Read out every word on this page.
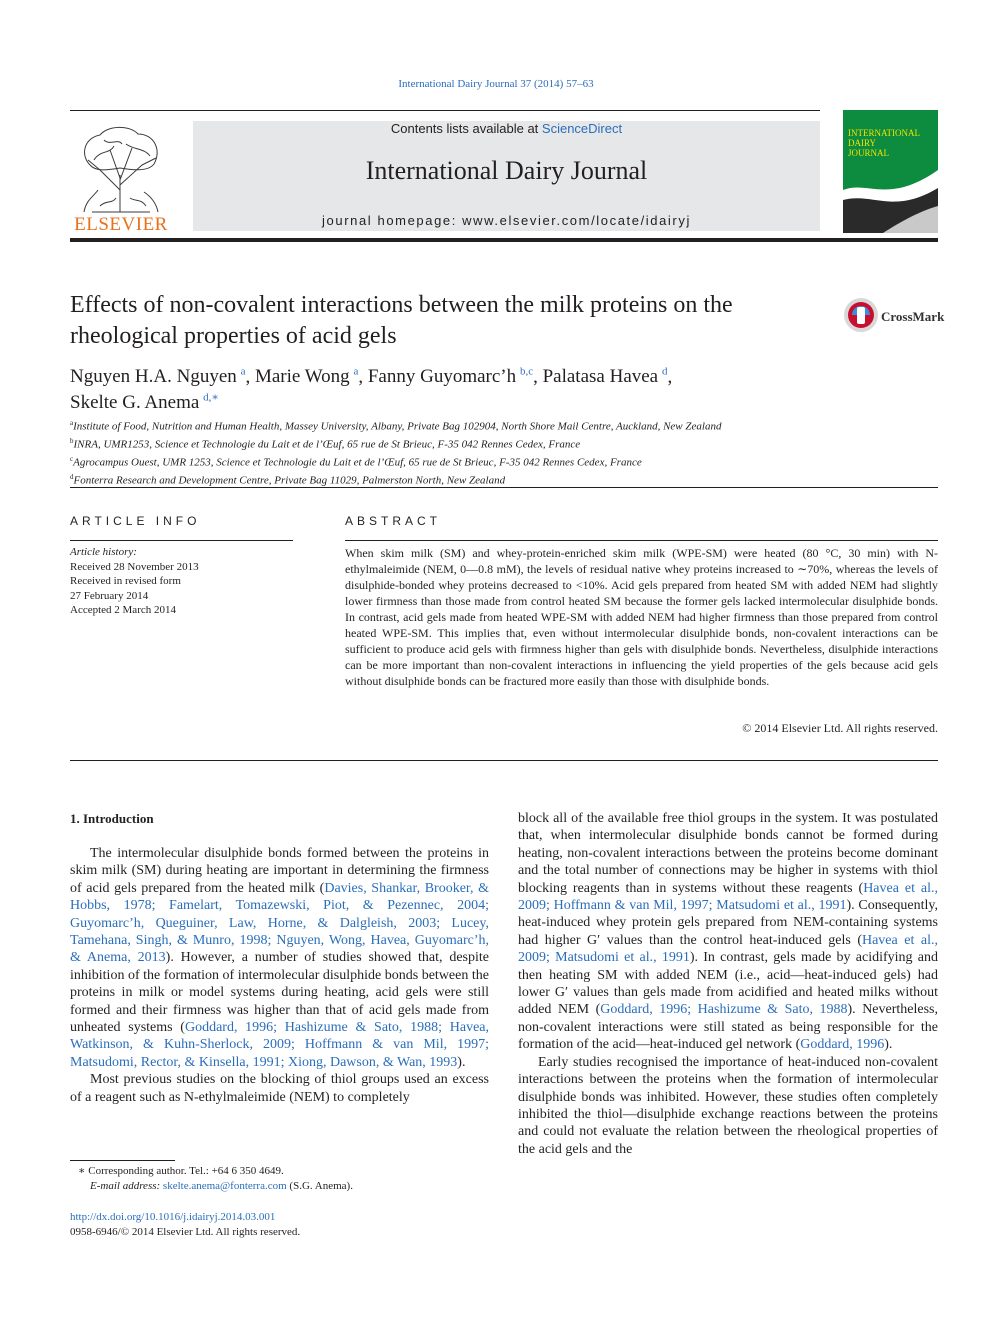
International Dairy Journal 37 (2014) 57–63
ELSEVIER
Contents lists available at ScienceDirect
International Dairy Journal
journal homepage: www.elsevier.com/locate/idairyj
INTERNATIONAL
DAIRY
JOURNAL
Effects of non-covalent interactions between the milk proteins on the rheological properties of acid gels
CrossMark
Nguyen H.A. Nguyen  $^a$, Marie Wong  $^a$, Fanny Guyomarc’h  $^{b,c}$, Palatasa Havea  $^d$,
Skelte G. Anema  $^{d,∗}$
$^a$Institute of Food, Nutrition and Human Health, Massey University, Albany, Private Bag 102904, North Shore Mail Centre, Auckland, New Zealand
$^b$INRA, UMR1253, Science et Technologie du Lait et de l’Œuf, 65 rue de St Brieuc, F-35 042 Rennes Cedex, France
$^c$Agrocampus Ouest, UMR 1253, Science et Technologie du Lait et de l’Œuf, 65 rue de St Brieuc, F-35 042 Rennes Cedex, France
$^d$Fonterra Research and Development Centre, Private Bag 11029, Palmerston North, New Zealand
ARTICLE INFO	ABSTRACT
Article history:
Received 28 November 2013
Received in revised form
27 February 2014
Accepted 2 March 2014
When skim milk (SM) and whey-protein-enriched skim milk (WPE-SM) were heated (80 °C, 30 min) with N-ethylmaleimide (NEM, 0—0.8 mM), the levels of residual native whey proteins increased to ∼70%, whereas the levels of disulphide-bonded whey proteins decreased to <10%. Acid gels prepared from heated SM with added NEM had slightly lower firmness than those made from control heated SM because the former gels lacked intermolecular disulphide bonds. In contrast, acid gels made from heated WPE-SM with added NEM had higher firmness than those prepared from control heated WPE-SM. This implies that, even without intermolecular disulphide bonds, non-covalent interactions can be sufficient to produce acid gels with firmness higher than gels with disulphide bonds. Nevertheless, disulphide interactions can be more important than non-covalent interactions in influencing the yield properties of the gels because acid gels without disulphide bonds can be fractured more easily than those with disulphide bonds.
© 2014 Elsevier Ltd. All rights reserved.
1. Introduction

The intermolecular disulphide bonds formed between the proteins in skim milk (SM) during heating are important in determining the firmness of acid gels prepared from the heated milk (Davies, Shankar, Brooker, & Hobbs, 1978; Famelart, Tomazewski, Piot, & Pezennec, 2004; Guyomarc’h, Queguiner, Law, Horne, & Dalgleish, 2003; Lucey, Tamehana, Singh, & Munro, 1998; Nguyen, Wong, Havea, Guyomarc’h, & Anema, 2013). However, a number of studies showed that, despite inhibition of the formation of intermolecular disulphide bonds between the proteins in milk or model systems during heating, acid gels were still formed and their firmness was higher than that of acid gels made from unheated systems (Goddard, 1996; Hashizume & Sato, 1988; Havea, Watkinson, & Kuhn-Sherlock, 2009; Hoffmann & van Mil, 1997; Matsudomi, Rector, & Kinsella, 1991; Xiong, Dawson, & Wan, 1993).

Most previous studies on the blocking of thiol groups used an excess of a reagent such as N-ethylmaleimide (NEM) to completely

block all of the available free thiol groups in the system. It was postulated that, when intermolecular disulphide bonds cannot be formed during heating, non-covalent interactions between the proteins become dominant and the total number of connections may be higher in systems with thiol blocking reagents than in systems without these reagents (Havea et al., 2009; Hoffmann & van Mil, 1997; Matsudomi et al., 1991). Consequently, heat-induced whey protein gels prepared from NEM-containing systems had higher G′ values than the control heat-induced gels (Havea et al., 2009; Matsudomi et al., 1991). In contrast, gels made by acidifying and then heating SM with added NEM (i.e., acid—heat-induced gels) had lower G′ values than gels made from acidified and heated milks without added NEM (Goddard, 1996; Hashizume & Sato, 1988). Nevertheless, non-covalent interactions were still stated as being responsible for the formation of the acid—heat-induced gel network (Goddard, 1996).

Early studies recognised the importance of heat-induced non-covalent interactions between the proteins when the formation of intermolecular disulphide bonds was inhibited. However, these studies often completely inhibited the thiol—disulphide exchange reactions between the proteins and could not evaluate the relation between the rheological properties of the acid gels and the

∗ Corresponding author. Tel.: +64 6 350 4649.
E-mail address: skelte.anema@fonterra.com (S.G. Anema).
http://dx.doi.org/10.1016/j.idairyj.2014.03.001
0958-6946/© 2014 Elsevier Ltd. All rights reserved.
